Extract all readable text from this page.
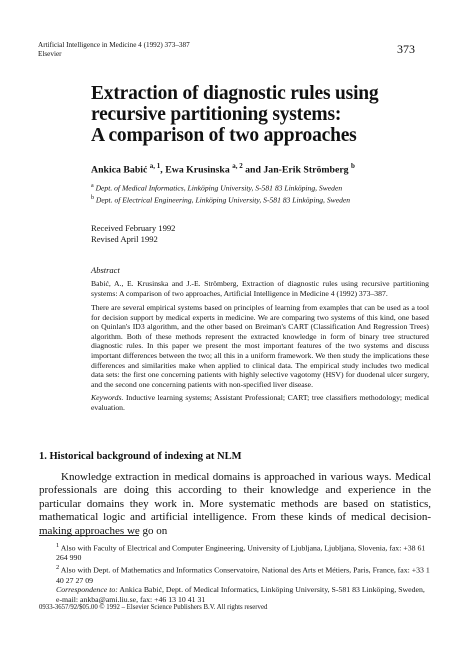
Artificial Intelligence in Medicine 4 (1992) 373–387
Elsevier	373
Extraction of diagnostic rules using
recursive partitioning systems:
A comparison of two approaches
Ankica Babić $^{a, 1}$, Ewa Krusinska $^{a, 2}$ and Jan-Erik Strömberg $^b$
$^a$ Dept. of Medical Informatics, Linköping University, S-581 83 Linköping, Sweden
$^b$ Dept. of Electrical Engineering, Linköping University, S-581 83 Linköping, Sweden
Received February 1992
Revised April 1992
Abstract
Babić, A., E. Krusinska and J.-E. Strömberg, Extraction of diagnostic rules using recursive partitioning systems: A comparison of two approaches, Artificial Intelligence in Medicine 4 (1992) 373–387.
There are several empirical systems based on principles of learning from examples that can be used as a tool for decision support by medical experts in medicine. We are comparing two systems of this kind, one based on Quinlan's ID3 algorithm, and the other based on Breiman's CART (Classification And Regression Trees) algorithm. Both of these methods represent the extracted knowledge in form of binary tree structured diagnostic rules. In this paper we present the most important features of the two systems and discuss important differences between the two; all this in a uniform framework. We then study the implications these differences and similarities make when applied to clinical data. The empirical study includes two medical data sets: the first one concerning patients with highly selective vagotomy (HSV) for duodenal ulcer surgery, and the second one concerning patients with non-specified liver disease.
Keywords. Inductive learning systems; Assistant Professional; CART; tree classifiers methodology; medical evaluation.
1. Historical background of indexing at NLM
Knowledge extraction in medical domains is approached in various ways. Medical professionals are doing this according to their knowledge and experience in the particular domains they work in. More systematic methods are based on statistics, mathematical logic and artificial intelligence. From these kinds of medical decision-making approaches we go on
$^1$ Also with Faculty of Electrical and Computer Engineering, University of Ljubljana, Ljubljana, Slovenia, fax: +38 61 264 990
$^2$ Also with Dept. of Mathematics and Informatics Conservatoire, National des Arts et Métiers, Paris, France, fax: +33 1 40 27 27 09
Correspondence to: Ankica Babić, Dept. of Medical Informatics, Linköping University, S-581 83 Linköping, Sweden, e-mail: ankba@ami.liu.se, fax: +46 13 10 41 31
0933-3657/92/$05.00 © 1992 – Elsevier Science Publishers B.V. All rights reserved
